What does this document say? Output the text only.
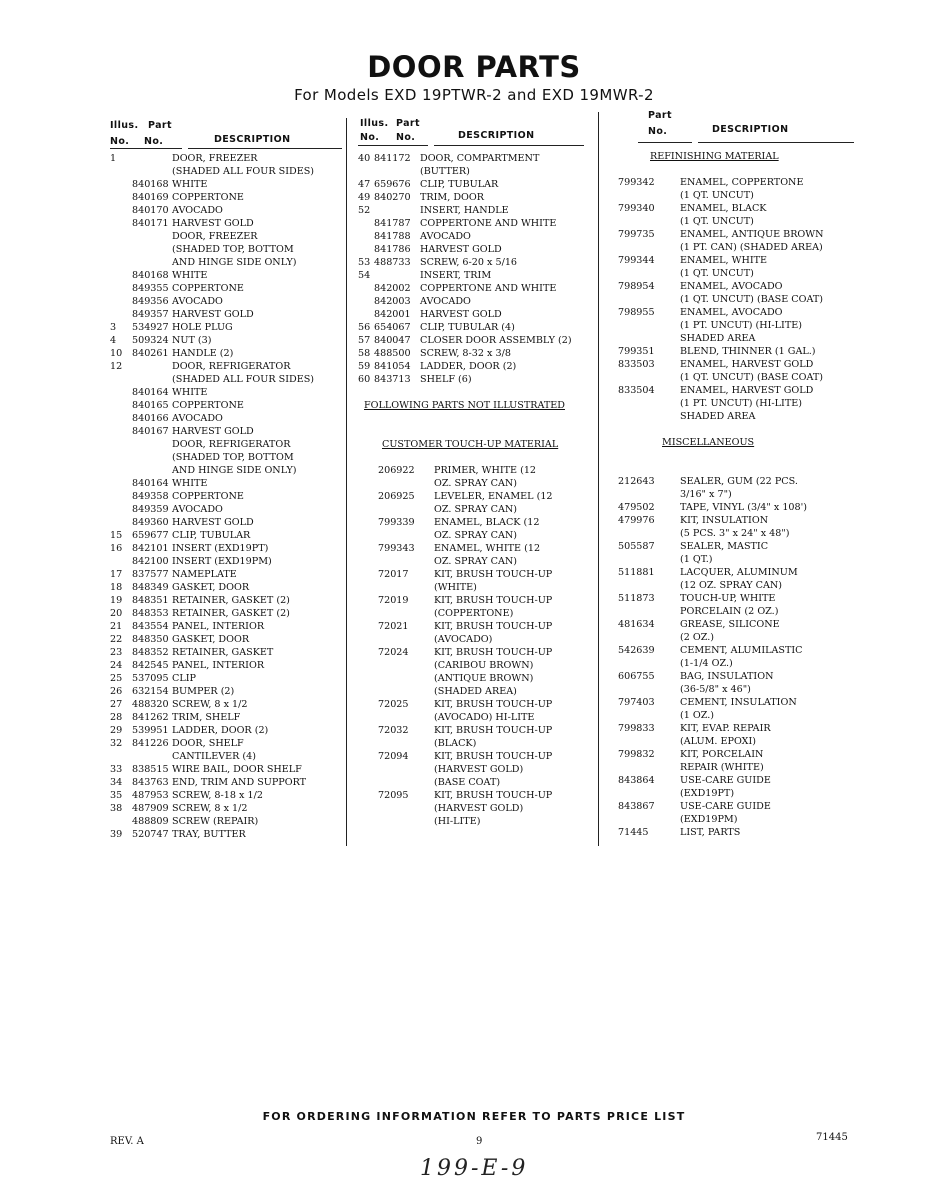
DOOR PARTS
For Models EXD 19PTWR-2 and EXD 19MWR-2
Illus. Part
No. No.	DESCRIPTION
1	DOOR, FREEZER
(SHADED ALL FOUR SIDES)
840168 WHITE
840169 COPPERTONE
840170 AVOCADO
840171 HARVEST GOLD
DOOR, FREEZER
(SHADED TOP, BOTTOM
AND HINGE SIDE ONLY)
840168 WHITE
849355 COPPERTONE
849356 AVOCADO
849357 HARVEST GOLD
3	534927 HOLE PLUG
4	509324 NUT (3)
10	840261 HANDLE (2)
12	DOOR, REFRIGERATOR
(SHADED ALL FOUR SIDES)
840164 WHITE
840165 COPPERTONE
840166 AVOCADO
840167 HARVEST GOLD
DOOR, REFRIGERATOR
(SHADED TOP, BOTTOM
AND HINGE SIDE ONLY)
840164 WHITE
849358 COPPERTONE
849359 AVOCADO
849360 HARVEST GOLD
15	659677 CLIP, TUBULAR
16	842101 INSERT (EXD19PT)
842100 INSERT (EXD19PM)
17	837577 NAMEPLATE
18	848349 GASKET, DOOR
19	848351 RETAINER, GASKET (2)
20	848353 RETAINER, GASKET (2)
21	843554 PANEL, INTERIOR
22	848350 GASKET, DOOR
23	848352 RETAINER, GASKET
24	842545 PANEL, INTERIOR
25	537095 CLIP
26	632154 BUMPER (2)
27	488320 SCREW, 8 x 1/2
28	841262 TRIM, SHELF
29	539951 LADDER, DOOR (2)
32	841226 DOOR, SHELF
CANTILEVER (4)
33	838515 WIRE BAIL, DOOR SHELF
34	843763 END, TRIM AND SUPPORT
35	487953 SCREW, 8-18 x 1/2
38	487909 SCREW, 8 x 1/2
488809 SCREW (REPAIR)
39	520747 TRAY, BUTTER
Illus. Part
No. No.	DESCRIPTION
40 841172 DOOR, COMPARTMENT
(BUTTER)
47 659676 CLIP, TUBULAR
49 840270 TRIM, DOOR
52	INSERT, HANDLE
841787 COPPERTONE AND WHITE
841788 AVOCADO
841786 HARVEST GOLD
53 488733 SCREW, 6-20 x 5/16
54	INSERT, TRIM
842002 COPPERTONE AND WHITE
842003 AVOCADO
842001 HARVEST GOLD
56 654067 CLIP, TUBULAR (4)
57 840047 CLOSER DOOR ASSEMBLY (2)
58 488500 SCREW, 8-32 x 3/8
59 841054 LADDER, DOOR (2)
60 843713 SHELF (6)
FOLLOWING PARTS NOT ILLUSTRATED
CUSTOMER TOUCH-UP MATERIAL
206922	PRIMER, WHITE (12
OZ. SPRAY CAN)
206925	LEVELER, ENAMEL (12
OZ. SPRAY CAN)
799339	ENAMEL, BLACK (12
OZ. SPRAY CAN)
799343	ENAMEL, WHITE (12
OZ. SPRAY CAN)
72017	KIT, BRUSH TOUCH-UP
(WHITE)
72019	KIT, BRUSH TOUCH-UP
(COPPERTONE)
72021	KIT, BRUSH TOUCH-UP
(AVOCADO)
72024	KIT, BRUSH TOUCH-UP
(CARIBOU BROWN)
(ANTIQUE BROWN)
(SHADED AREA)
72025	KIT, BRUSH TOUCH-UP
(AVOCADO) HI-LITE
72032	KIT, BRUSH TOUCH-UP
(BLACK)
72094	KIT, BRUSH TOUCH-UP
(HARVEST GOLD)
(BASE COAT)
72095	KIT, BRUSH TOUCH-UP
(HARVEST GOLD)
(HI-LITE)
Part
No.	DESCRIPTION
REFINISHING MATERIAL
799342	ENAMEL, COPPERTONE
(1 QT. UNCUT)
799340	ENAMEL, BLACK
(1 QT. UNCUT)
799735	ENAMEL, ANTIQUE BROWN
(1 PT. CAN) (SHADED AREA)
799344	ENAMEL, WHITE
(1 QT. UNCUT)
798954	ENAMEL, AVOCADO
(1 QT. UNCUT) (BASE COAT)
798955	ENAMEL, AVOCADO
(1 PT. UNCUT) (HI-LITE)
SHADED AREA
799351	BLEND, THINNER (1 GAL.)
833503	ENAMEL, HARVEST GOLD
(1 QT. UNCUT) (BASE COAT)
833504	ENAMEL, HARVEST GOLD
(1 PT. UNCUT) (HI-LITE)
SHADED AREA
MISCELLANEOUS
212643	SEALER, GUM (22 PCS.
3/16" x 7")
479502	TAPE, VINYL (3/4" x 108')
479976	KIT, INSULATION
(5 PCS. 3" x 24" x 48")
505587	SEALER, MASTIC
(1 QT.)
511881	LACQUER, ALUMINUM
(12 OZ. SPRAY CAN)
511873	TOUCH-UP, WHITE
PORCELAIN (2 OZ.)
481634	GREASE, SILICONE
(2 OZ.)
542639	CEMENT, ALUMILASTIC
(1-1/4 OZ.)
606755	BAG, INSULATION
(36-5/8" x 46")
797403	CEMENT, INSULATION
(1 OZ.)
799833	KIT, EVAP. REPAIR
(ALUM. EPOXI)
799832	KIT, PORCELAIN
REPAIR (WHITE)
843864	USE-CARE GUIDE
(EXD19PT)
843867	USE-CARE GUIDE
(EXD19PM)
71445	LIST, PARTS
FOR ORDERING INFORMATION REFER TO PARTS PRICE LIST
REV. A	9	71445
199-E-9
